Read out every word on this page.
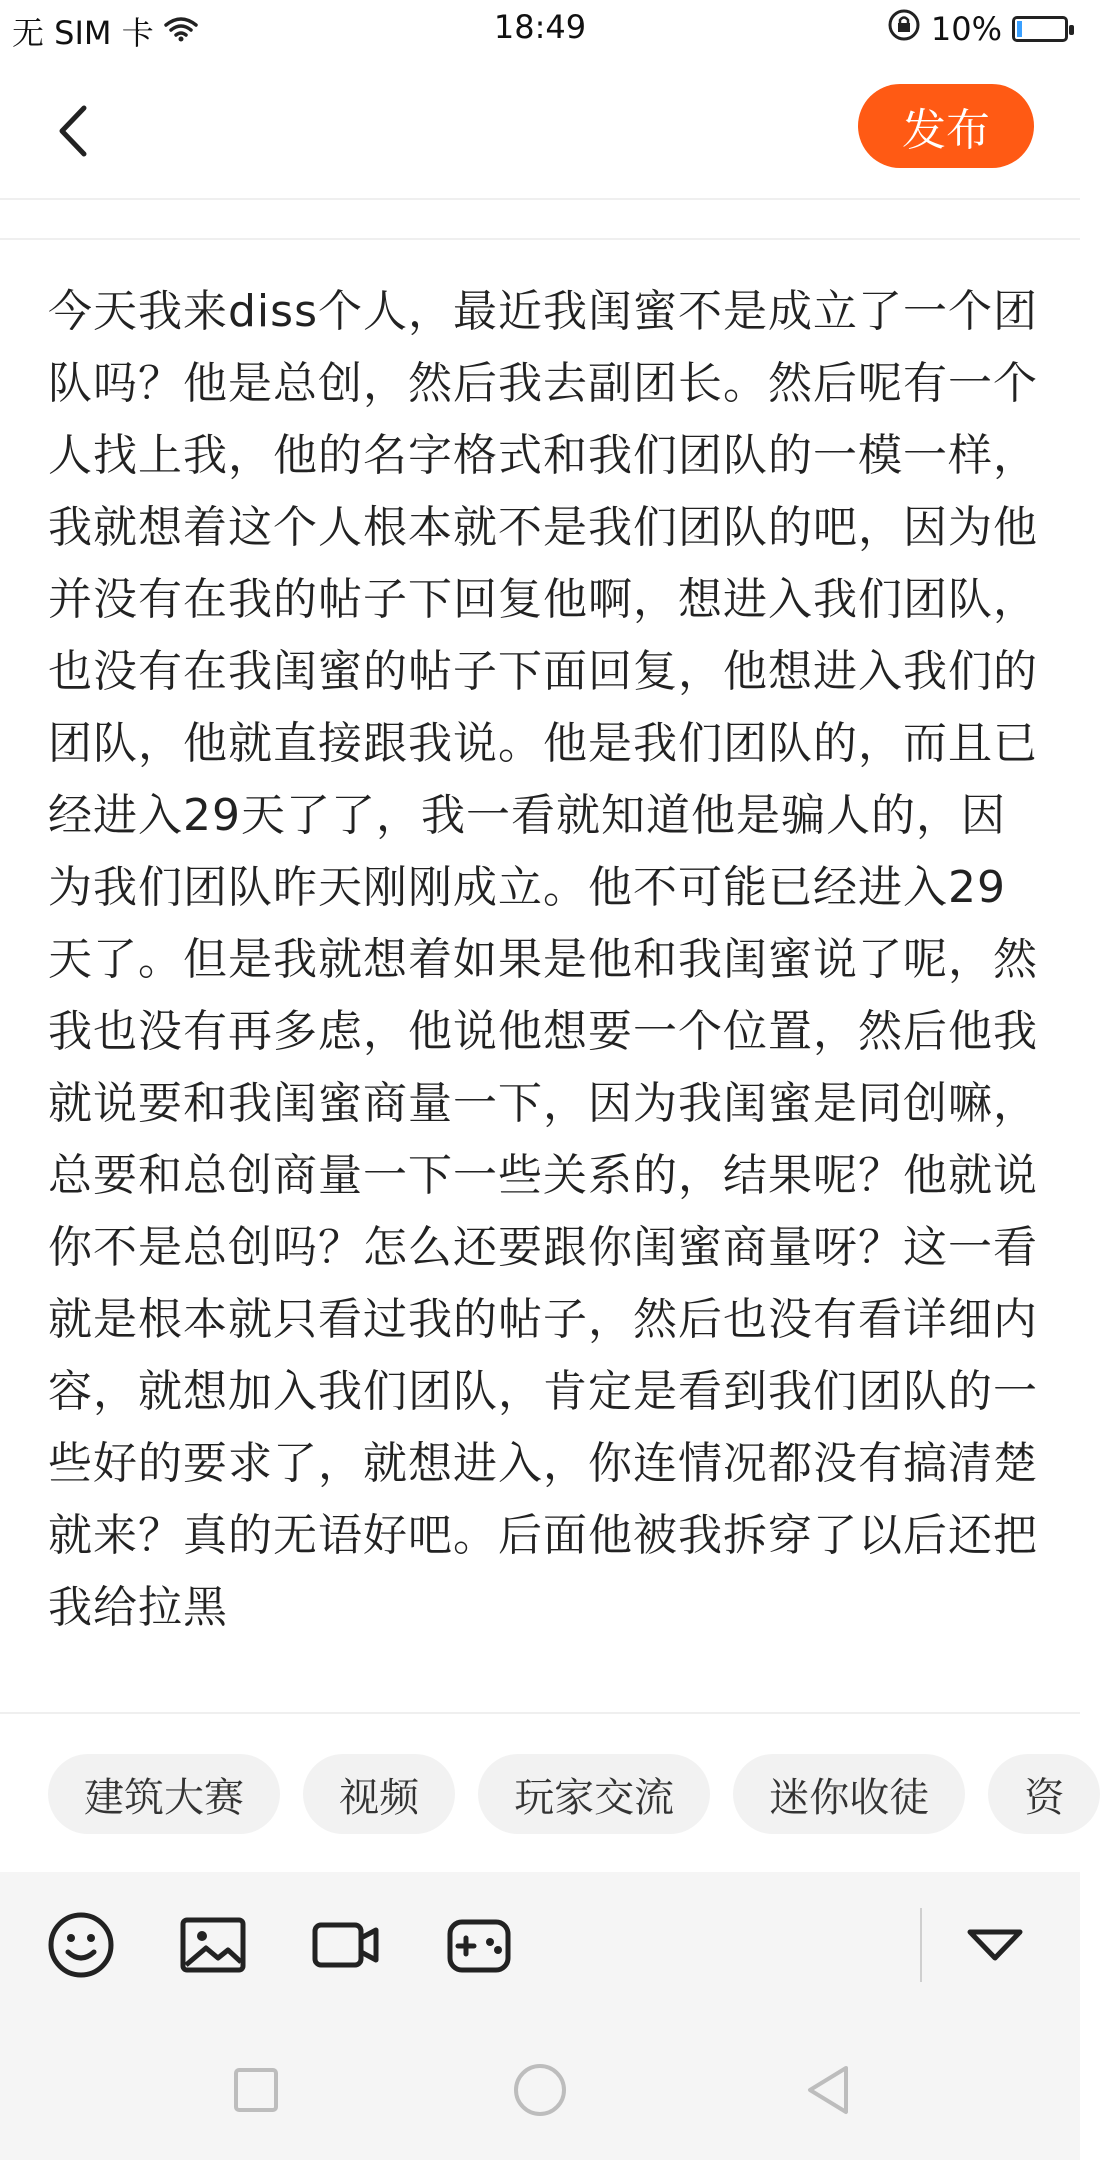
无 SIM 卡	18:49	10%
发布
今天我来diss个人，最近我闺蜜不是成立了一个团队吗？他是总创，然后我去副团长。然后呢有一个人找上我，他的名字格式和我们团队的一模一样，我就想着这个人根本就不是我们团队的吧，因为他并没有在我的帖子下回复他啊，想进入我们团队，也没有在我闺蜜的帖子下面回复，他想进入我们的团队，他就直接跟我说。他是我们团队的，而且已经进入29天了了，我一看就知道他是骗人的，因为我们团队昨天刚刚成立。他不可能已经进入29天了。但是我就想着如果是他和我闺蜜说了呢，然我也没有再多虑，他说他想要一个位置，然后他我就说要和我闺蜜商量一下，因为我闺蜜是同创嘛，总要和总创商量一下一些关系的，结果呢？他就说你不是总创吗？怎么还要跟你闺蜜商量呀？这一看就是根本就只看过我的帖子，然后也没有看详细内容，就想加入我们团队，肯定是看到我们团队的一些好的要求了，就想进入，你连情况都没有搞清楚就来？真的无语好吧。后面他被我拆穿了以后还把我给拉黑
建筑大赛 视频 玩家交流 迷你收徒 资
